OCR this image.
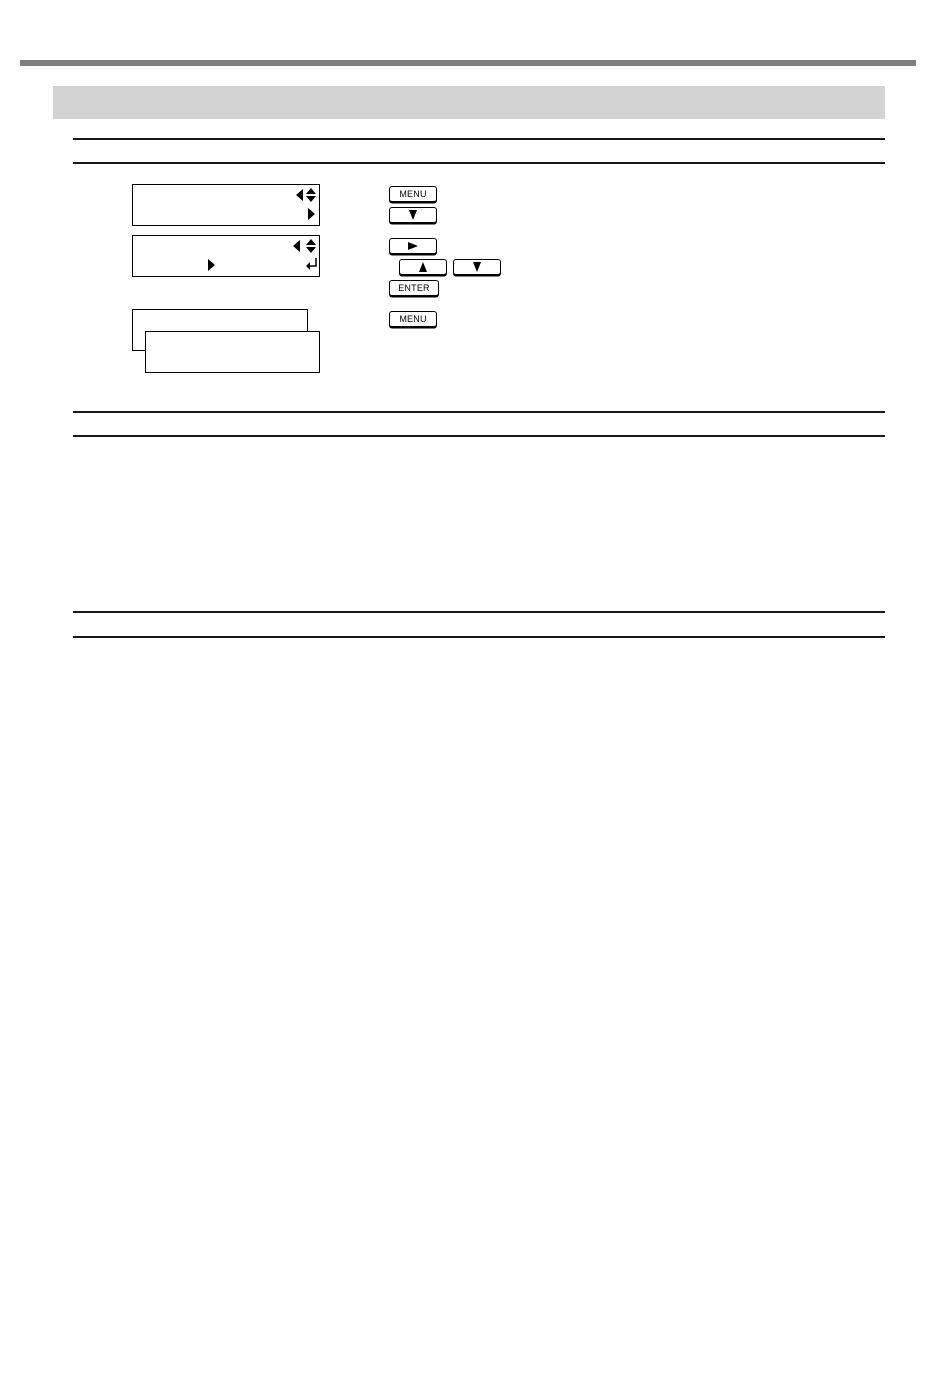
MENU
ENTER
MENU
